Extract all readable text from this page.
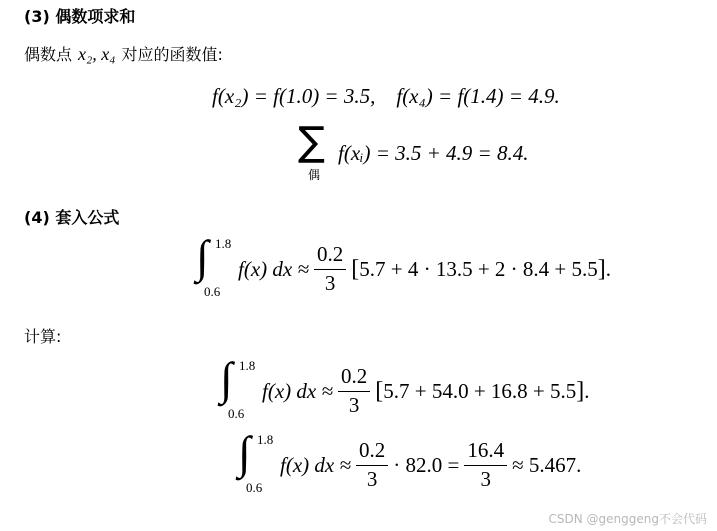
(3) 偶数项求和
偶数点 x₂, x₄ 对应的函数值:
f(x₂) = f(1.0) = 3.5,    f(x₄) = f(1.4) = 4.9.
∑
偶
f(xᵢ) = 3.5 + 4.9 = 8.4.
(4) 套入公式
∫ 1.8
0.6
f(x) dx ≈ $\frac{0.2}{3}$ [ 5.7 + 4 · 13.5 + 2 · 8.4 + 5.5 ] .
计算:
∫ 1.8
0.6
f(x) dx ≈ $\frac{0.2}{3}$ [ 5.7 + 54.0 + 16.8 + 5.5 ] .
∫ 1.8
0.6
f(x) dx ≈ $\frac{0.2}{3} \cdot 82.0 = \frac{16.4}{3} \approx 5.467$.
CSDN @genggeng不会代码
